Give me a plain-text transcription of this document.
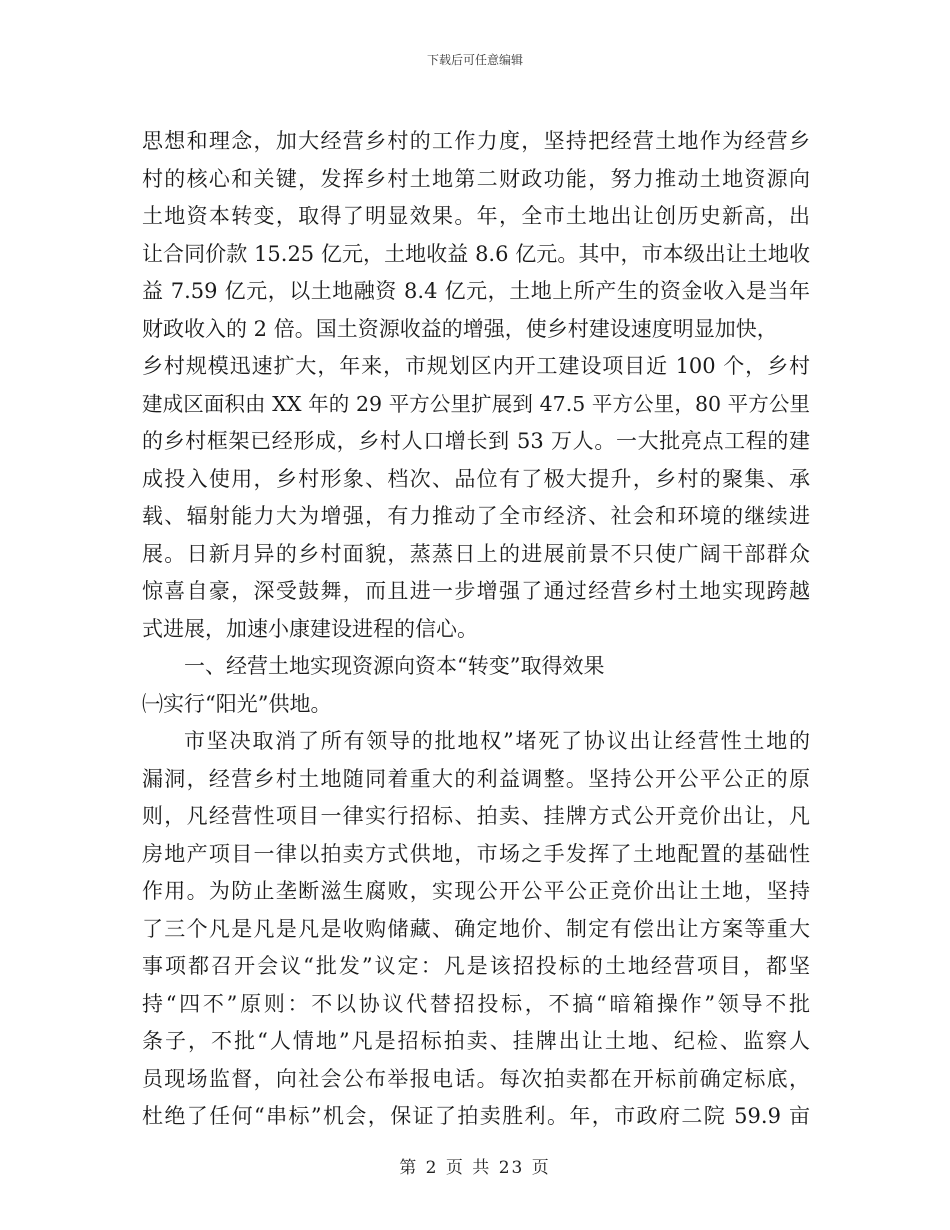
下载后可任意编辑
思想和理念，加大经营乡村的工作力度，坚持把经营土地作为经营乡
村的核心和关键，发挥乡村土地第二财政功能，努力推动土地资源向
土地资本转变，取得了明显效果。年，全市土地出让创历史新高，出
让合同价款 15.25 亿元，土地收益 8.6 亿元。其中，市本级出让土地收
益 7.59 亿元，以土地融资 8.4 亿元，土地上所产生的资金收入是当年
财政收入的 2 倍。国土资源收益的增强，使乡村建设速度明显加快，
乡村规模迅速扩大，年来，市规划区内开工建设项目近 100 个，乡村
建成区面积由 XX 年的 29 平方公里扩展到 47.5 平方公里，80 平方公里
的乡村框架已经形成，乡村人口增长到 53 万人。一大批亮点工程的建
成投入使用，乡村形象、档次、品位有了极大提升，乡村的聚集、承
载、辐射能力大为增强，有力推动了全市经济、社会和环境的继续进
展。日新月异的乡村面貌，蒸蒸日上的进展前景不只使广阔干部群众
惊喜自豪，深受鼓舞，而且进一步增强了通过经营乡村土地实现跨越
式进展，加速小康建设进程的信心。
一、经营土地实现资源向资本“转变”取得效果
㈠实行“阳光”供地。
市坚决取消了所有领导的批地权”堵死了协议出让经营性土地的
漏洞，经营乡村土地随同着重大的利益调整。坚持公开公平公正的原
则，凡经营性项目一律实行招标、拍卖、挂牌方式公开竞价出让，凡
房地产项目一律以拍卖方式供地，市场之手发挥了土地配置的基础性
作用。为防止垄断滋生腐败，实现公开公平公正竞价出让土地，坚持
了三个凡是凡是凡是收购储藏、确定地价、制定有偿出让方案等重大
事项都召开会议“批发”议定：凡是该招投标的土地经营项目，都坚
持“四不”原则：不以协议代替招投标，不搞“暗箱操作”领导不批
条子，不批“人情地”凡是招标拍卖、挂牌出让土地、纪检、监察人
员现场监督，向社会公布举报电话。每次拍卖都在开标前确定标底，
杜绝了任何“串标”机会，保证了拍卖胜利。年，市政府二院 59.9 亩
第 2 页 共 23 页
